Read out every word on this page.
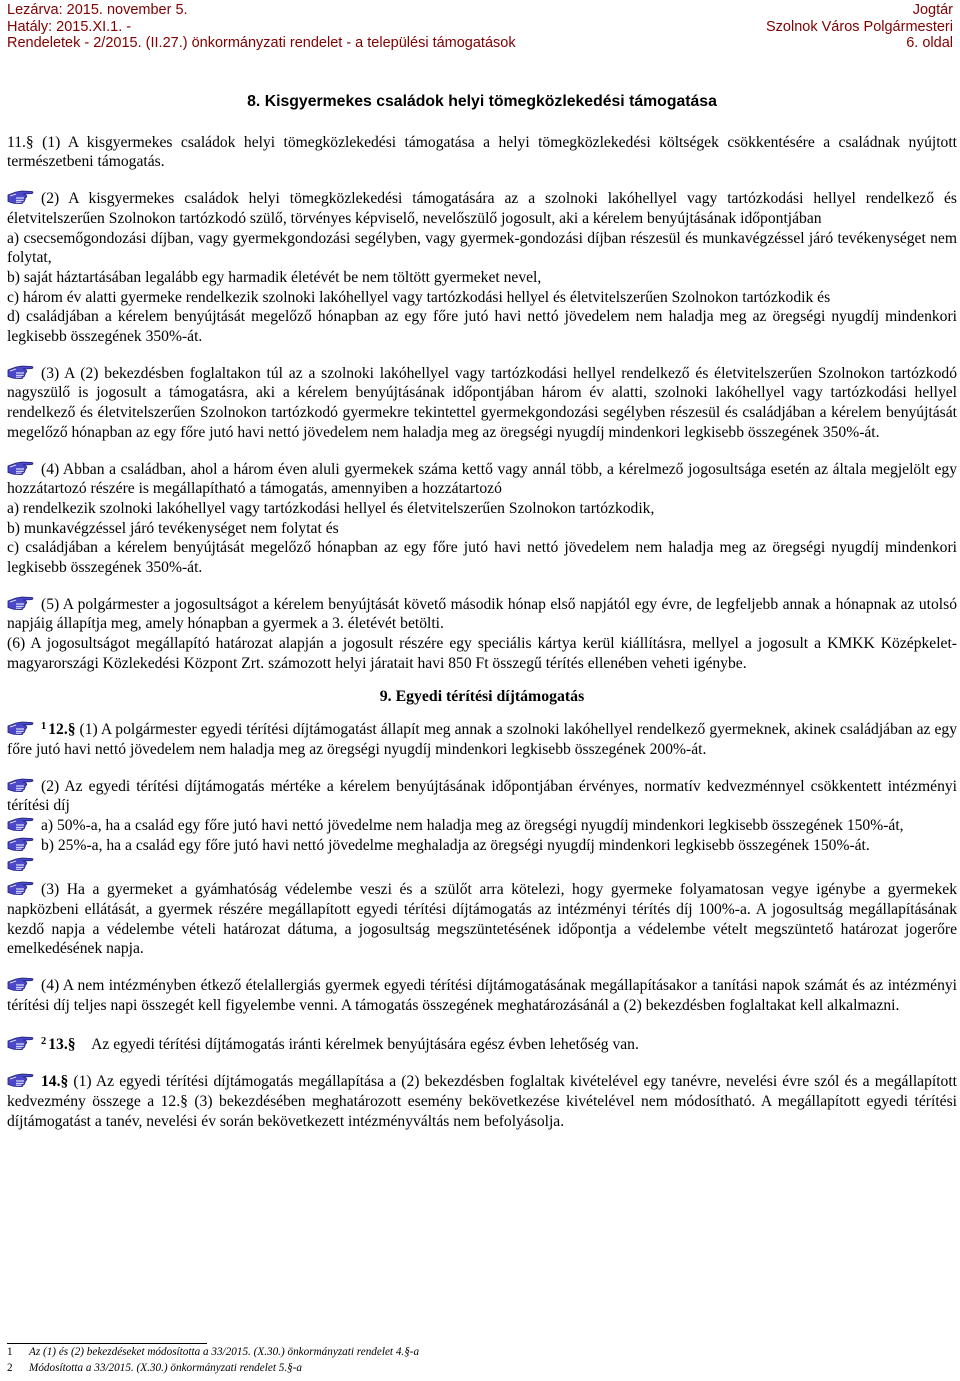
Lezárva: 2015. november 5.
Hatály: 2015.XI.1. -
Rendeletek - 2/2015. (II.27.) önkormányzati rendelet - a települési támogatások
Jogtár
Szolnok Város Polgármesteri
6. oldal
8. Kisgyermekes családok helyi tömegközlekedési támogatása

11.§ (1) A kisgyermekes családok helyi tömegközlekedési támogatása a helyi tömegközlekedési költségek csökkentésére a családnak nyújtott természetbeni támogatás.

(2) A kisgyermekes családok helyi tömegközlekedési támogatására az a szolnoki lakóhellyel vagy tartózkodási hellyel rendelkező és életvitelszerűen Szolnokon tartózkodó szülő, törvényes képviselő, nevelőszülő jogosult, aki a kérelem benyújtásának időpontjában

a) csecsemőgondozási díjban, vagy gyermekgondozási segélyben, vagy gyermek-gondozási díjban részesül és munkavégzéssel járó tevékenységet nem folytat,

b) saját háztartásában legalább egy harmadik életévét be nem töltött gyermeket nevel,

c) három év alatti gyermeke rendelkezik szolnoki lakóhellyel vagy tartózkodási hellyel és életvitelszerűen Szolnokon tartózkodik és

d) családjában a kérelem benyújtását megelőző hónapban az egy főre jutó havi nettó jövedelem nem haladja meg az öregségi nyugdíj mindenkori legkisebb összegének 350%-át.

(3) A (2) bekezdésben foglaltakon túl az a szolnoki lakóhellyel vagy tartózkodási hellyel rendelkező és életvitelszerűen Szolnokon tartózkodó nagyszülő is jogosult a támogatásra, aki a kérelem benyújtásának időpontjában három év alatti, szolnoki lakóhellyel vagy tartózkodási hellyel rendelkező és életvitelszerűen Szolnokon tartózkodó gyermekre tekintettel gyermekgondozási segélyben részesül és családjában a kérelem benyújtását megelőző hónapban az egy főre jutó havi nettó jövedelem nem haladja meg az öregségi nyugdíj mindenkori legkisebb összegének 350%-át.

(4) Abban a családban, ahol a három éven aluli gyermekek száma kettő vagy annál több, a kérelmező jogosultsága esetén az általa megjelölt egy hozzátartozó részére is megállapítható a támogatás, amennyiben a hozzátartozó

a) rendelkezik szolnoki lakóhellyel vagy tartózkodási hellyel és életvitelszerűen Szolnokon tartózkodik,

b) munkavégzéssel járó tevékenységet nem folytat és

c) családjában a kérelem benyújtását megelőző hónapban az egy főre jutó havi nettó jövedelem nem haladja meg az öregségi nyugdíj mindenkori legkisebb összegének 350%-át.

(5) A polgármester a jogosultságot a kérelem benyújtását követő második hónap első napjától egy évre, de legfeljebb annak a hónapnak az utolsó napjáig állapítja meg, amely hónapban a gyermek a 3. életévét betölti.

(6) A jogosultságot megállapító határozat alapján a jogosult részére egy speciális kártya kerül kiállításra, mellyel a jogosult a KMKK Középkelet-magyarországi Közlekedési Központ Zrt. számozott helyi járatait havi 850 Ft összegű térítés ellenében veheti igénybe.

9. Egyedi térítési díjtámogatás

$^1$ 12.§ (1) A polgármester egyedi térítési díjtámogatást állapít meg annak a szolnoki lakóhellyel rendelkező gyermeknek, akinek családjában az egy főre jutó havi nettó jövedelem nem haladja meg az öregségi nyugdíj mindenkori legkisebb összegének 200%-át.

(2) Az egyedi térítési díjtámogatás mértéke a kérelem benyújtásának időpontjában érvényes, normatív kedvezménnyel csökkentett intézményi térítési díj

a) 50%-a, ha a család egy főre jutó havi nettó jövedelme nem haladja meg az öregségi nyugdíj mindenkori legkisebb összegének 150%-át,

b) 25%-a, ha a család egy főre jutó havi nettó jövedelme meghaladja az öregségi nyugdíj mindenkori legkisebb összegének 150%-át.

(3) Ha a gyermeket a gyámhatóság védelembe veszi és a szülőt arra kötelezi, hogy gyermeke folyamatosan vegye igénybe a gyermekek napközbeni ellátását, a gyermek részére megállapított egyedi térítési díjtámogatás az intézményi térítés díj 100%-a. A jogosultság megállapításának kezdő napja a védelembe vételi határozat dátuma, a jogosultság megszüntetésének időpontja a védelembe vételt megszüntető határozat jogerőre emelkedésének napja.

(4) A nem intézményben étkező ételallergiás gyermek egyedi térítési díjtámogatásának megállapításakor a tanítási napok számát és az intézményi térítési díj teljes napi összegét kell figyelembe venni. A támogatás összegének meghatározásánál a (2) bekezdésben foglaltakat kell alkalmazni.

$^2$ 13.§ Az egyedi térítési díjtámogatás iránti kérelmek benyújtására egész évben lehetőség van.

14.§ (1) Az egyedi térítési díjtámogatás megállapítása a (2) bekezdésben foglaltak kivételével egy tanévre, nevelési évre szól és a megállapított kedvezmény összege a 12.§ (3) bekezdésében meghatározott esemény bekövetkezése kivételével nem módosítható. A megállapított egyedi térítési díjtámogatást a tanév, nevelési év során bekövetkezett intézményváltás nem befolyásolja.

1 Az (1) és (2) bekezdéseket módosította a 33/2015. (X.30.) önkormányzati rendelet 4.§-a
2 Módosította a 33/2015. (X.30.) önkormányzati rendelet 5.§-a
